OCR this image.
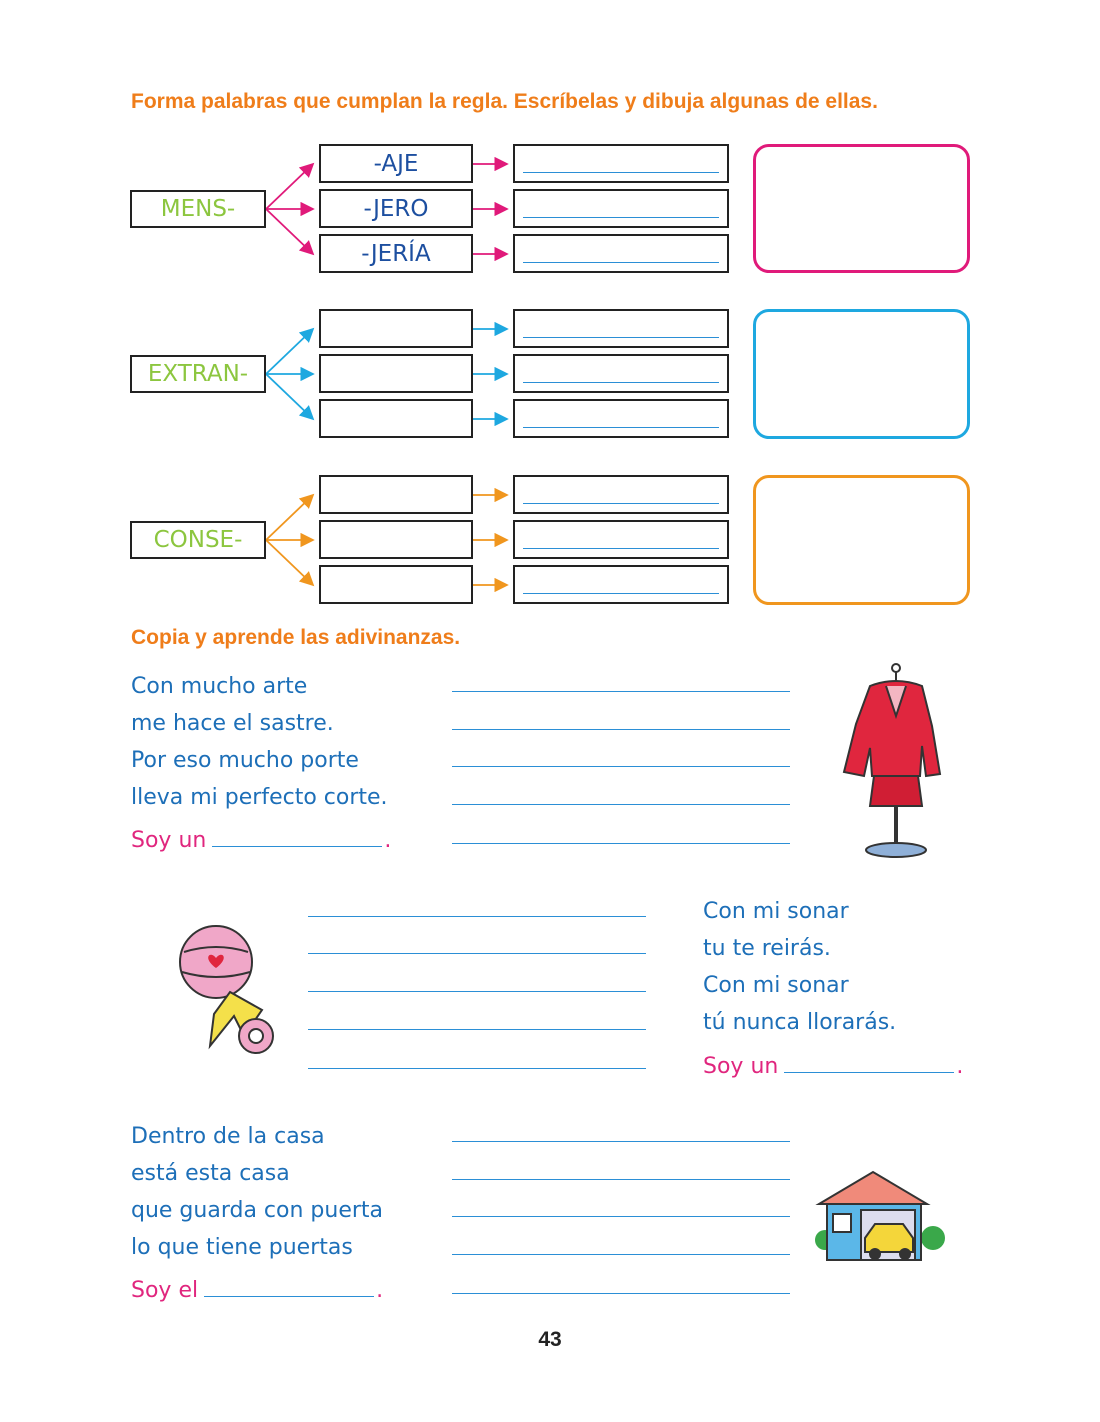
Forma palabras que cumplan la regla. Escríbelas y dibuja algunas de ellas.
MENS-
-AJE
-JERO
-JERÍA
EXTRAN-
CONSE-
Copia y aprende las adivinanzas.
Con mucho arte
me hace el sastre.
Por eso mucho porte
lleva mi perfecto corte.
Soy un	.
Con mi sonar
tu te reirás.
Con mi sonar
tú nunca llorarás.
Soy un	.
Dentro de la casa
está esta casa
que guarda con puerta
lo que tiene puertas
Soy el	.
43
